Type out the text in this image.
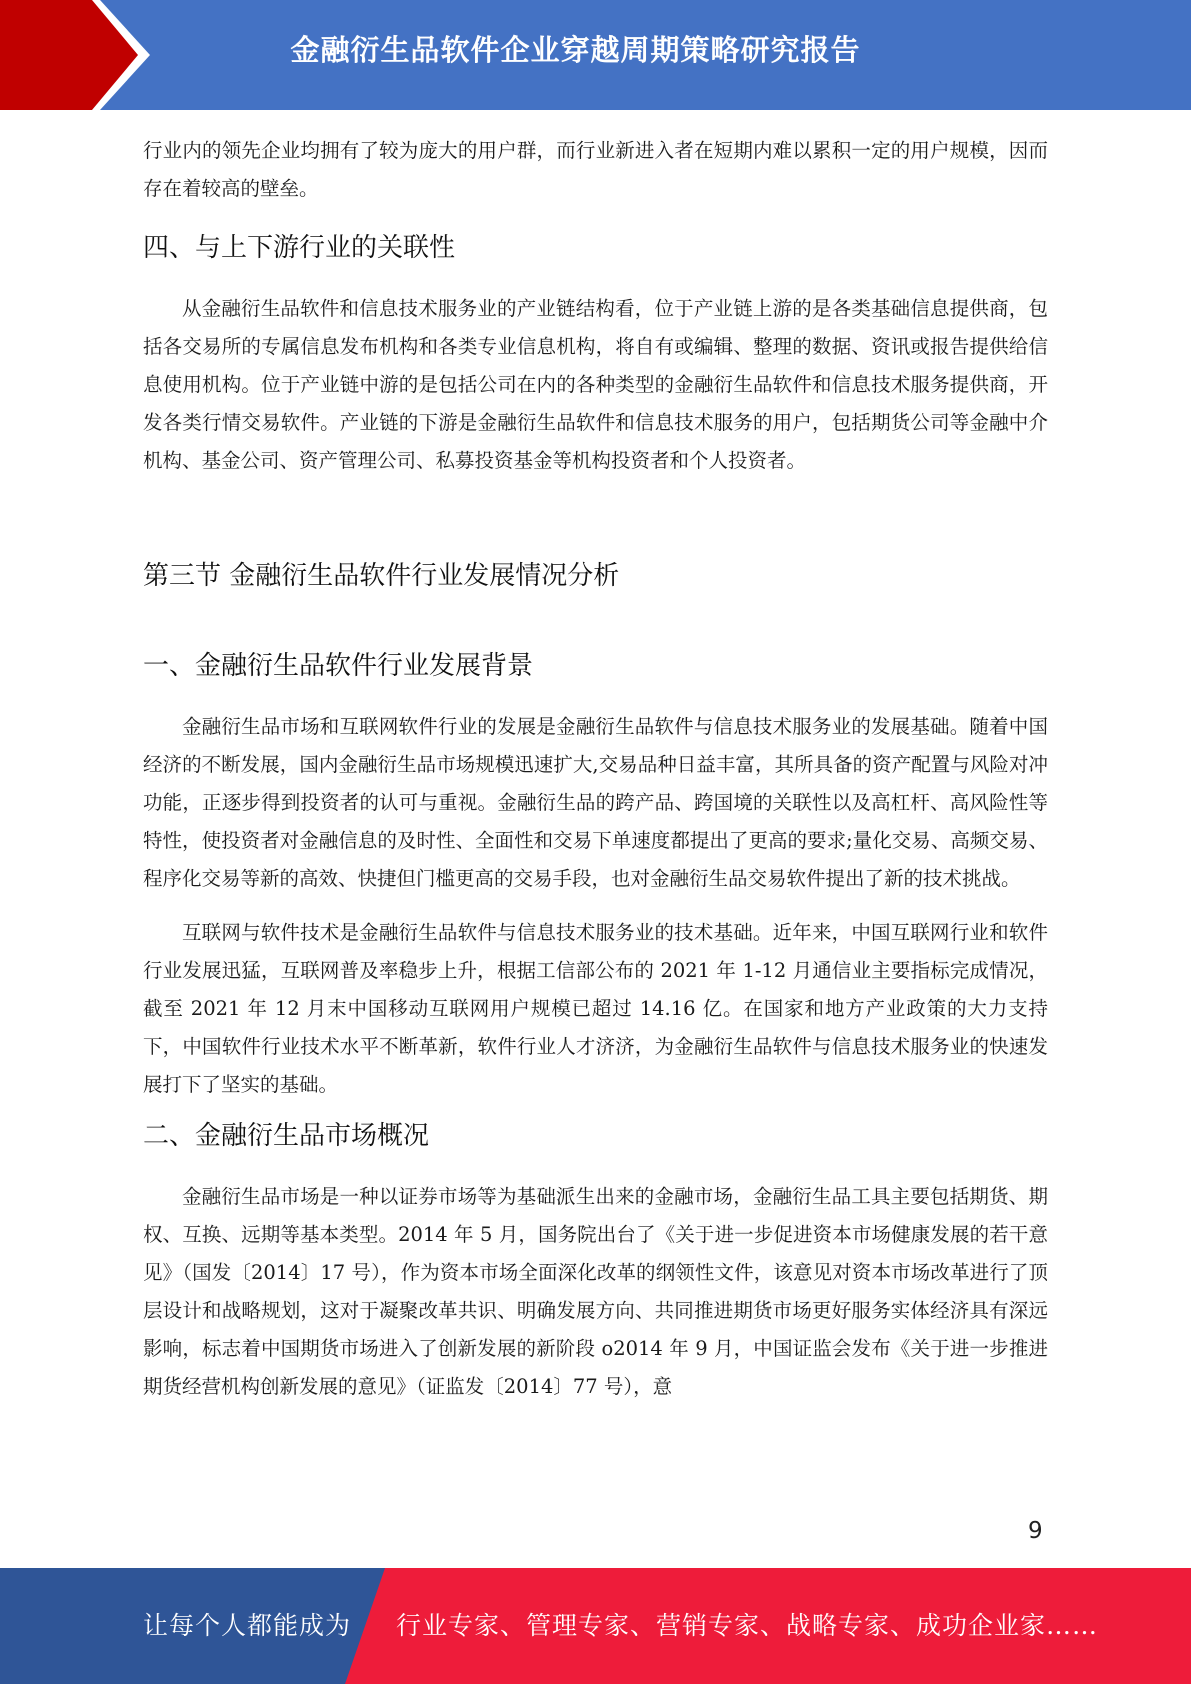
金融衍生品软件企业穿越周期策略研究报告

行业内的领先企业均拥有了较为庞大的用户群，而行业新进入者在短期内难以累积一定的用户规模，因而存在着较高的壁垒。

四、与上下游行业的关联性

从金融衍生品软件和信息技术服务业的产业链结构看，位于产业链上游的是各类基础信息提供商，包括各交易所的专属信息发布机构和各类专业信息机构，将自有或编辑、整理的数据、资讯或报告提供给信息使用机构。位于产业链中游的是包括公司在内的各种类型的金融衍生品软件和信息技术服务提供商，开发各类行情交易软件。产业链的下游是金融衍生品软件和信息技术服务的用户，包括期货公司等金融中介机构、基金公司、资产管理公司、私募投资基金等机构投资者和个人投资者。

第三节 金融衍生品软件行业发展情况分析
一、金融衍生品软件行业发展背景

金融衍生品市场和互联网软件行业的发展是金融衍生品软件与信息技术服务业的发展基础。随着中国经济的不断发展，国内金融衍生品市场规模迅速扩大,交易品种日益丰富，其所具备的资产配置与风险对冲功能，正逐步得到投资者的认可与重视。金融衍生品的跨产品、跨国境的关联性以及高杠杆、高风险性等特性，使投资者对金融信息的及时性、全面性和交易下单速度都提出了更高的要求;量化交易、高频交易、程序化交易等新的高效、快捷但门槛更高的交易手段，也对金融衍生品交易软件提出了新的技术挑战。

互联网与软件技术是金融衍生品软件与信息技术服务业的技术基础。近年来，中国互联网行业和软件行业发展迅猛，互联网普及率稳步上升，根据工信部公布的 2021 年 1-12 月通信业主要指标完成情况，截至 2021 年 12 月末中国移动互联网用户规模已超过 14.16 亿。在国家和地方产业政策的大力支持下，中国软件行业技术水平不断革新，软件行业人才济济，为金融衍生品软件与信息技术服务业的快速发展打下了坚实的基础。

二、金融衍生品市场概况

金融衍生品市场是一种以证券市场等为基础派生出来的金融市场，金融衍生品工具主要包括期货、期权、互换、远期等基本类型。2014 年 5 月，国务院出台了《关于进一步促进资本市场健康发展的若干意见》（国发〔2014〕17 号），作为资本市场全面深化改革的纲领性文件，该意见对资本市场改革进行了顶层设计和战略规划，这对于凝聚改革共识、明确发展方向、共同推进期货市场更好服务实体经济具有深远影响，标志着中国期货市场进入了创新发展的新阶段 o2014 年 9 月，中国证监会发布《关于进一步推进期货经营机构创新发展的意见》（证监发〔2014〕77 号），意

9
让每个人都能成为 行业专家、管理专家、营销专家、战略专家、成功企业家……
